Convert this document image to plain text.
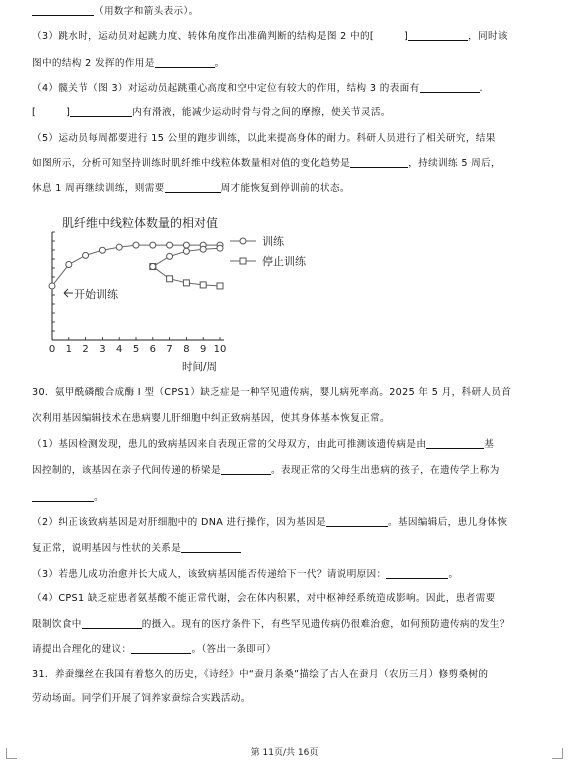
（用数字和箭头表示）。
（3）跳水时，运动员对起跳力度、转体角度作出准确判断的结构是图 2 中的[	]	，同时该
图中的结构 2 发挥的作用是	。
（4）髋关节（图 3）对运动员起跳重心高度和空中定位有较大的作用，结构 3 的表面有	.
[	]	内有滑液，能减少运动时骨与骨之间的摩擦，使关节灵活。
（5）运动员每周都要进行 15 公里的跑步训练，以此来提高身体的耐力。科研人员进行了相关研究，结果
如图所示，分析可知坚持训练时肌纤维中线粒体数量相对值的变化趋势是	，持续训练 5 周后，
休息 1 周再继续训练，则需要	周才能恢复到停训前的状态。
肌纤维中线粒体数量的相对值
0 1 2 3 4 5 6 7 8 9 10
训练
停止训练
开始训练
时间/周
30．氨甲酰磷酸合成酶 I 型（CPS1）缺乏症是一种罕见遗传病，婴儿病死率高。2025 年 5 月，科研人员首
次利用基因编辑技术在患病婴儿肝细胞中纠正致病基因，使其身体基本恢复正常。
（1）基因检测发现，患儿的致病基因来自表现正常的父母双方，由此可推测该遗传病是由	基
因控制的，该基因在亲子代间传递的桥梁是	。表现正常的父母生出患病的孩子，在遗传学上称为
。
（2）纠正该致病基因是对肝细胞中的 DNA 进行操作，因为基因是	。基因编辑后，患儿身体恢
复正常，说明基因与性状的关系是
（3）若患儿成功治愈并长大成人，该致病基因能否传递给下一代？请说明原因：	。
（4）CPS1 缺乏症患者氨基酸不能正常代谢，会在体内积累，对中枢神经系统造成影响。因此，患者需要
限制饮食中	的摄入。现有的医疗条件下，有些罕见遗传病仍很难治愈，如何预防遗传病的发生？
请提出合理化的建议：	。（答出一条即可）
31．养蚕缫丝在我国有着悠久的历史，《诗经》中“蚕月条桑”描绘了古人在蚕月（农历三月）修剪桑树的
劳动场面。同学们开展了饲养家蚕综合实践活动。
第 11页/共 16页
